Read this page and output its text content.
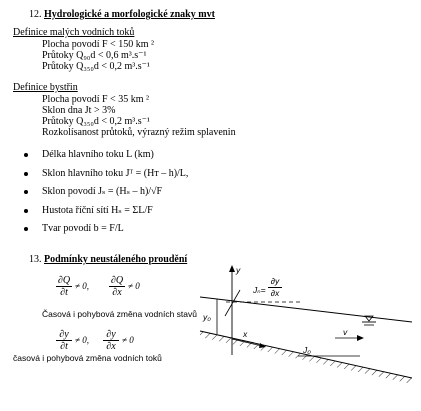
12. Hydrologické a morfologické znaky mvt
Definice malých vodních toků
Plocha povodí F < 150 km ²
Průtoky Q₉₀d < 0,6 m³.s⁻¹
Průtoky Q₃₅₀d < 0,2 m³.s⁻¹
Definice bystřin
Plocha povodí F < 35 km ²
Sklon dna Jt > 3%
Průtoky Q₃₅₀d < 0,2 m³.s⁻¹
Rozkolísanost průtoků, výrazný režim splavenin
Délka hlavního toku L (km)
Sklon hlavního toku Jᵀ = (Hᴛ – h)/L,
Sklon povodí Jₛ = (Hₛ – h)/√F
Hustota říční sítí Hₛ = ΣL/F
Tvar povodí b = F/L
13. Podmínky neustáleného proudění
∂Q
∂t
≠ 0, ∂Q
∂x
≠ 0
Časová i pohybová změna vodních stavů
∂y
∂t
≠ 0,	∂y
∂x
≠ 0
časová i pohybová změna vodních toků
y
Jₙ=
∂y
∂x
y₀
x	v
J₀
